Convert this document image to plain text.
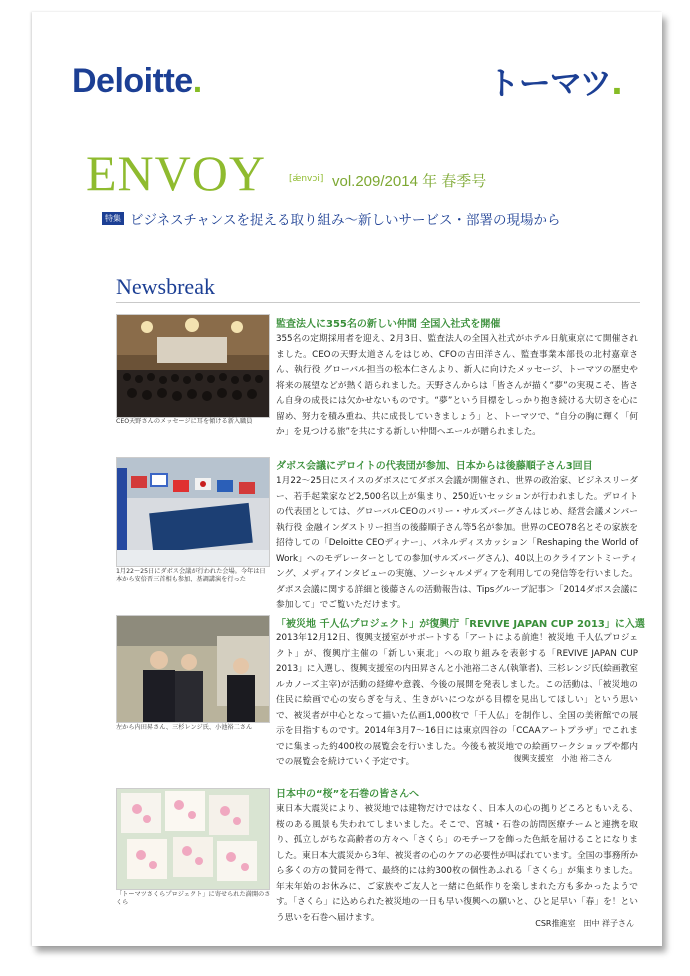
Deloitte.	トーマツ.
ENVOY	[ǽnvɔi] vol.209/2014 年 春季号
特集 ビジネスチャンスを捉える取り組み～新しいサービス・部署の現場から
Newsbreak
CEO天野さんのメッセージに耳を傾ける新入職員
監査法人に355名の新しい仲間 全国入社式を開催
355名の定期採用者を迎え、2月3日、監査法人の全国入社式がホテル日航東京にて開催されました。CEOの天野太道さんをはじめ、CFOの吉田洋さん、監査事業本部長の北村嘉章さん、執行役 グローバル担当の松本仁さんより、新人に向けたメッセージ、トーマツの歴史や将来の展望などが熱く語られました。天野さんからは「皆さんが描く“夢”の実現こそ、皆さん自身の成長には欠かせないものです。“夢”という目標をしっかり抱き続ける大切さを心に留め、努力を積み重ね、共に成長していきましょう」と、トーマツで、“自分の胸に輝く「何か」を見つける旅”を共にする新しい仲間へエールが贈られました。
1月22～25日にダボス会議が行われた会場。今年は日本から安倍晋三首相も参加、基調講演を行った
ダボス会議にデロイトの代表団が参加、日本からは後藤順子さん3回目
1月22～25日にスイスのダボスにてダボス会議が開催され、世界の政治家、ビジネスリーダー、若手起業家など2,500名以上が集まり、250近いセッションが行われました。デロイトの代表団としては、グローバルCEOのバリー・サルズバーグさんはじめ、経営会議メンバー 執行役 金融インダストリー担当の後藤順子さん等5名が参加。世界のCEO78名とその家族を招待しての「Deloitte CEOディナー」、パネルディスカッション「Reshaping the World of Work」へのモデレーターとしての参加(サルズバーグさん)、40以上のクライアントミーティング、メディアインタビューの実施、ソーシャルメディアを利用しての発信等を行いました。ダボス会議に関する詳細と後藤さんの活動報告は、Tipsグループ記事＞「2014ダボス会議に参加して」でご覧いただけます。
左から内田昇さん、三杉レンジ氏、小池裕二さん
「被災地 千人仏プロジェクト」が復興庁「REVIVE JAPAN CUP 2013」に入選
2013年12月12日、復興支援室がサポートする「アートによる前進！被災地 千人仏プロジェクト」が、復興庁主催の「新しい東北」への取り組みを表彰する「REVIVE JAPAN CUP 2013」に入選し、復興支援室の内田昇さんと小池裕二さん(執筆者)、三杉レンジ氏(絵画教室ルカノーズ主宰)が活動の経緯や意義、今後の展開を発表しました。この活動は、「被災地の住民に絵画で心の安らぎを与え、生きがいにつながる目標を見出してほしい」という思いで、被災者が中心となって描いた仏画1,000枚で「千人仏」を制作し、全国の美術館での展示を目指すものです。2014年3月7～16日には東京四谷の「CCAAアートプラザ」でこれまでに集まった約400枚の展覧会を行いました。今後も被災地での絵画ワークショップや都内での展覧会を続けていく予定です。	復興支援室　小池 裕二さん
「トーマツさくらプロジェクト」に寄せられた満開のさくら
日本中の“桜”を石巻の皆さんへ
東日本大震災により、被災地では建物だけではなく、日本人の心の拠りどころともいえる、桜のある風景も失われてしまいました。そこで、宮城・石巻の訪問医療チームと連携を取り、孤立しがちな高齢者の方々へ「さくら」のモチーフを飾った色紙を届けることになりました。東日本大震災から3年、被災者の心のケアの必要性が叫ばれています。全国の事務所から多くの方の賛同を得て、最終的には約300枚の個性あふれる「さくら」が集まりました。年末年始のお休みに、ご家族やご友人と一緒に色紙作りを楽しまれた方も多かったようです。「さくら」に込められた被災地の一日も早い復興への願いと、ひと足早い「春」を！という思いを石巻へ届けます。
CSR推進室　田中 祥子さん
